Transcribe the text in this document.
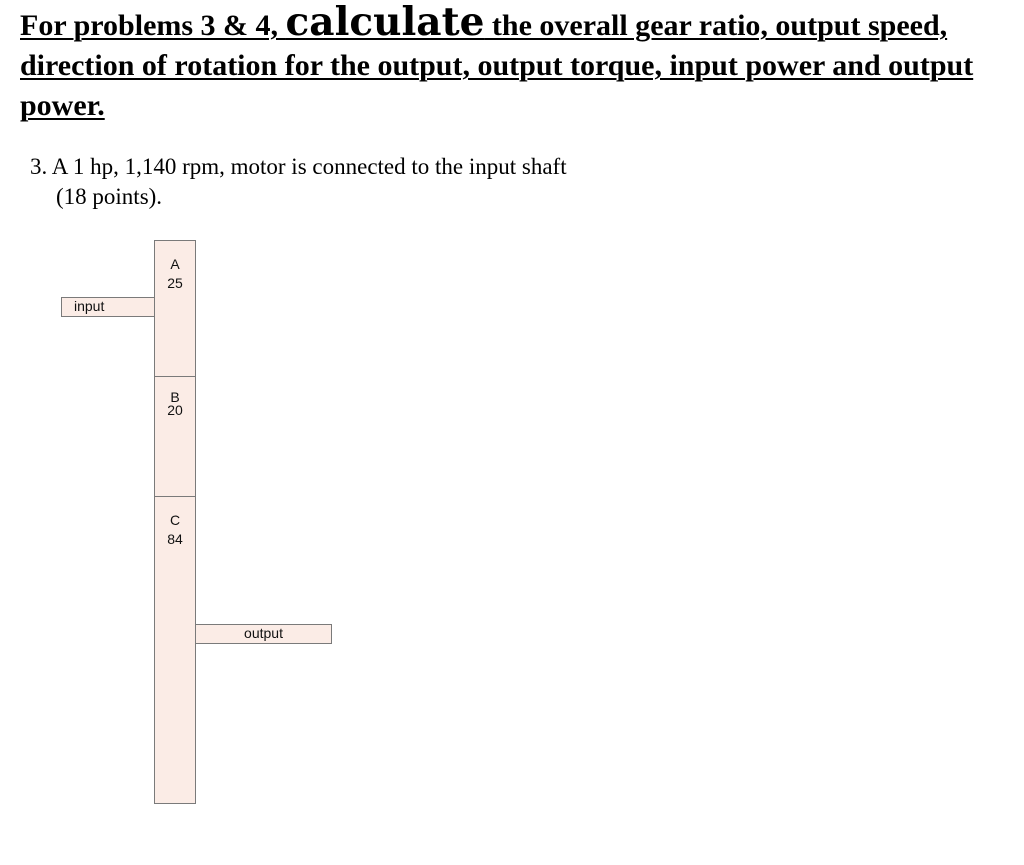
For problems 3 & 4, calculate the overall gear ratio, output speed, direction of rotation for the output, output torque, input power and output power.
3. A 1 hp, 1,140 rpm, motor is connected to the input shaft
(18 points).
input
A
25
B
20
C
84
output
